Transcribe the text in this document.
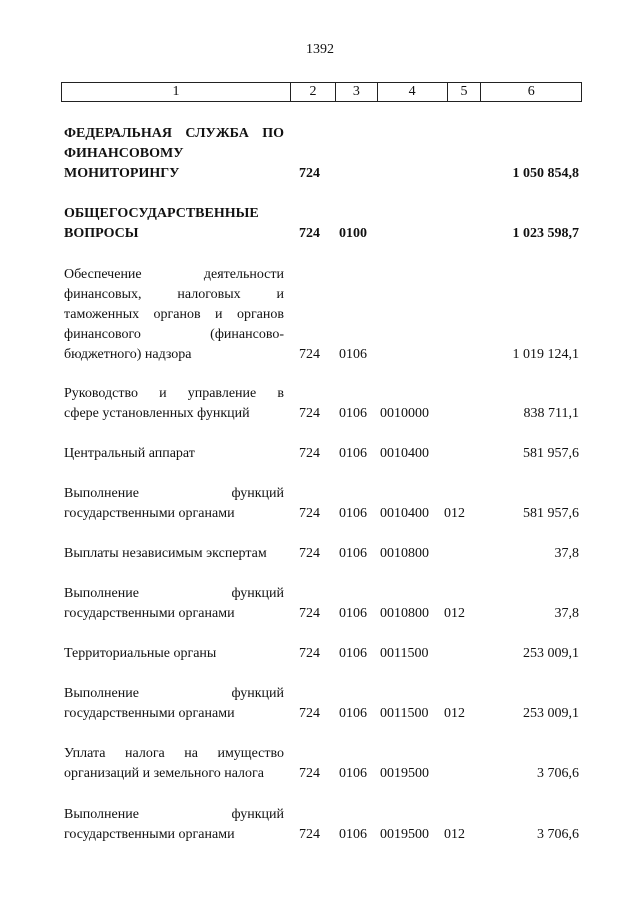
1392
1	2	3	4	5	6
ФЕДЕРАЛЬНАЯ СЛУЖБА ПО
ФИНАНСОВОМУ
МОНИТОРИНГУ	724	1 050 854,8
ОБЩЕГОСУДАРСТВЕННЫЕ
ВОПРОСЫ	724 0100	1 023 598,7
Обеспечение деятельности
финансовых, налоговых и
таможенных органов и органов
финансового (финансово-
бюджетного) надзора	724 0106	1 019 124,1
Руководство и управление в
сфере установленных функций	724 0106 0010000	838 711,1
Центральный аппарат	724 0106 0010400	581 957,6
Выполнение функций
государственными органами	724 0106 0010400 012	581 957,6
Выплаты независимым экспертам	724 0106 0010800	37,8
Выполнение функций
государственными органами	724 0106 0010800 012	37,8
Территориальные органы	724 0106 0011500	253 009,1
Выполнение функций
государственными органами	724 0106 0011500 012	253 009,1
Уплата налога на имущество
организаций и земельного налога	724 0106 0019500	3 706,6
Выполнение функций
государственными органами	724 0106 0019500 012	3 706,6
